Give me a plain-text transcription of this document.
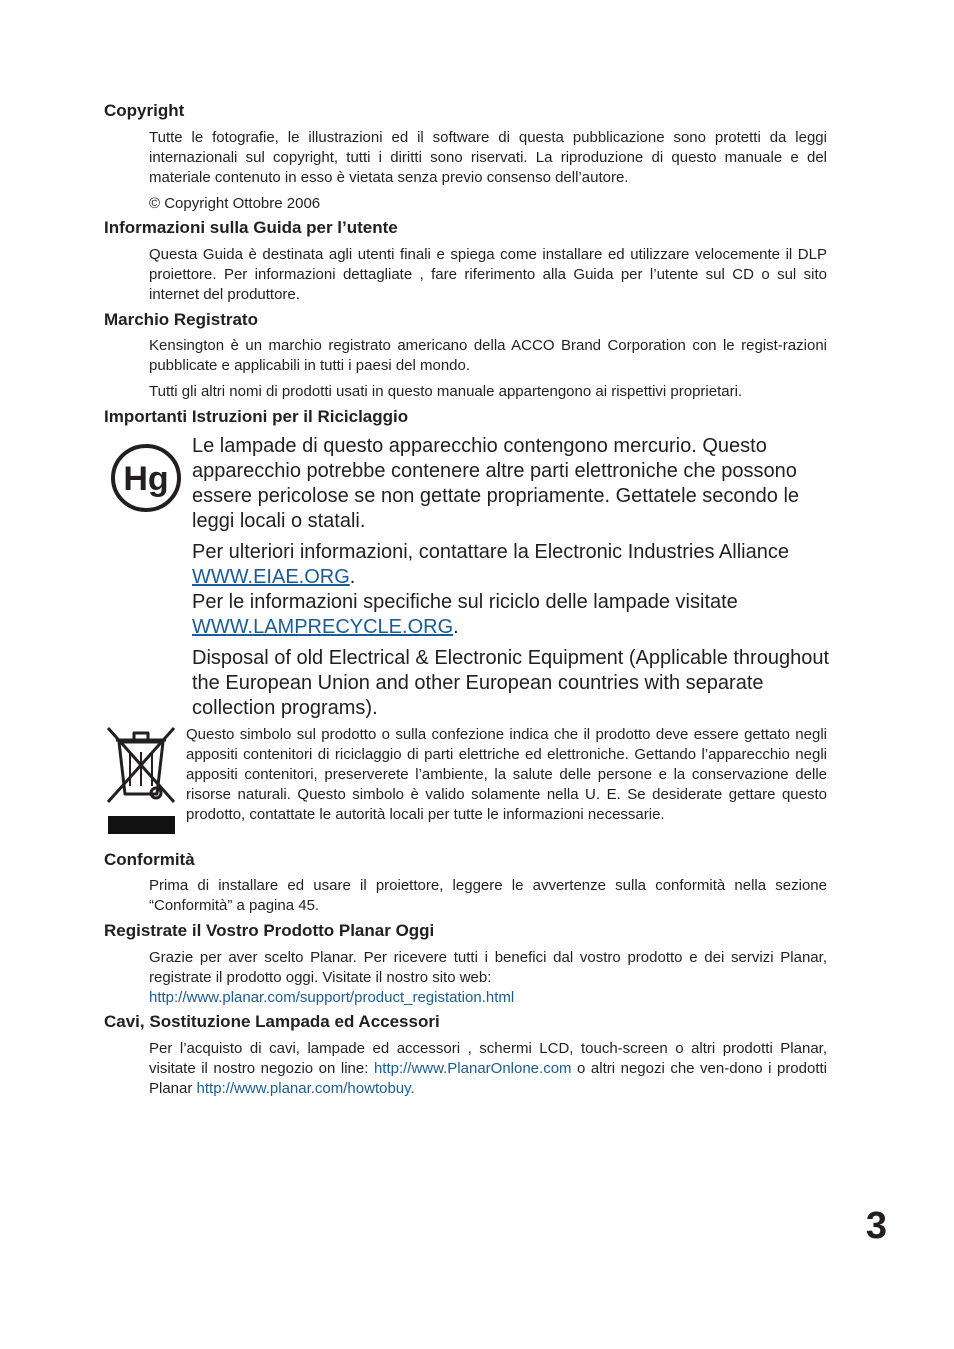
Copyright

Tutte le fotografie, le illustrazioni ed il software di questa pubblicazione sono protetti da leggi internazionali sul copyright, tutti i diritti sono riservati. La riproduzione di questo manuale e del materiale contenuto in esso è vietata senza previo consenso dell’autore.

© Copyright Ottobre 2006

Informazioni sulla Guida per l’utente

Questa Guida è destinata agli utenti finali e spiega come installare ed utilizzare velocemente il DLP proiettore. Per informazioni dettagliate , fare riferimento alla Guida per l’utente sul CD o sul sito internet del produttore.

Marchio Registrato

Kensington è un marchio registrato americano della ACCO Brand Corporation con le regist-razioni pubblicate e applicabili in tutti i paesi del mondo.

Tutti gli altri nomi di prodotti usati in questo manuale appartengono ai rispettivi proprietari.

Importanti Istruzioni per il Riciclaggio
Hg

Le lampade di questo apparecchio contengono mercurio. Questo apparecchio potrebbe contenere altre parti elettroniche che possono essere pericolose se non gettate propriamente. Gettatele secondo le leggi locali o statali.

Per ulteriori informazioni, contattare la Electronic Industries Alliance
WWW.EIAE.ORG.
Per le informazioni specifiche sul riciclo delle lampade visitate
WWW.LAMPRECYCLE.ORG.

Disposal of old Electrical & Electronic Equipment (Applicable throughout the European Union and other European countries with separate collection programs).

Questo simbolo sul prodotto o sulla confezione indica che il prodotto deve essere gettato negli appositi contenitori di riciclaggio di parti elettriche ed elettroniche. Gettando l’apparecchio negli appositi contenitori, preserverete l’ambiente, la salute delle persone e la conservazione delle risorse naturali. Questo simbolo è valido solamente nella U. E. Se desiderate gettare questo prodotto, contattate le autorità locali per tutte le informazioni necessarie.

Conformità

Prima di installare ed usare il proiettore, leggere le avvertenze sulla conformità nella sezione “Conformità” a pagina 45.

Registrate il Vostro Prodotto Planar Oggi

Grazie per aver scelto Planar. Per ricevere tutti i benefici dal vostro prodotto e dei servizi Planar, registrate il prodotto oggi. Visitate il nostro sito web:
http://www.planar.com/support/product_registation.html

Cavi, Sostituzione Lampada ed Accessori

Per l’acquisto di cavi, lampade ed accessori , schermi LCD, touch-screen o altri prodotti Planar, visitate il nostro negozio on line: http://www.PlanarOnlone.com o altri negozi che ven-dono i prodotti Planar http://www.planar.com/howtobuy.

3
